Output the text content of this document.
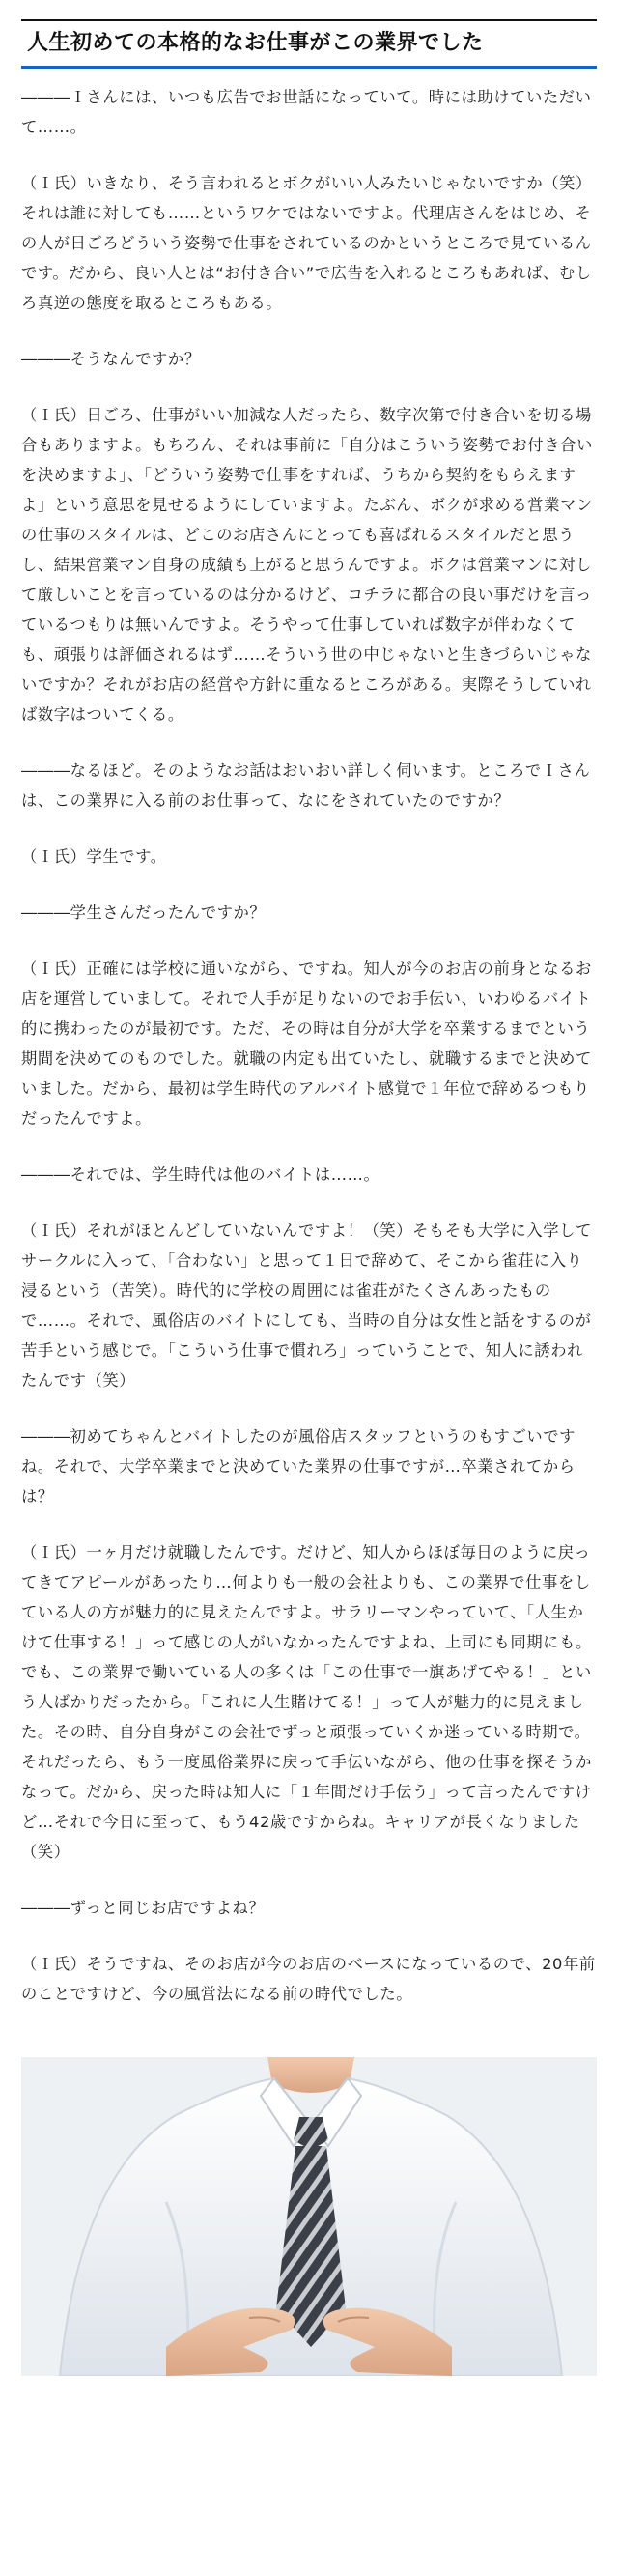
人生初めての本格的なお仕事がこの業界でした

―――Ｉさんには、いつも広告でお世話になっていて。時には助けていただいて……。

（Ｉ氏）いきなり、そう言われるとボクがいい人みたいじゃないですか（笑）それは誰に対しても……というワケではないですよ。代理店さんをはじめ、その人が日ごろどういう姿勢で仕事をされているのかというところで見ているんです。だから、良い人とは“お付き合い”で広告を入れるところもあれば、むしろ真逆の態度を取るところもある。

―――そうなんですか？

（Ｉ氏）日ごろ、仕事がいい加減な人だったら、数字次第で付き合いを切る場合もありますよ。もちろん、それは事前に「自分はこういう姿勢でお付き合いを決めますよ」、「どういう姿勢で仕事をすれば、うちから契約をもらえますよ」という意思を見せるようにしていますよ。たぶん、ボクが求める営業マンの仕事のスタイルは、どこのお店さんにとっても喜ばれるスタイルだと思うし、結果営業マン自身の成績も上がると思うんですよ。ボクは営業マンに対して厳しいことを言っているのは分かるけど、コチラに都合の良い事だけを言っているつもりは無いんですよ。そうやって仕事していれば数字が伴わなくても、頑張りは評価されるはず……そういう世の中じゃないと生きづらいじゃないですか？それがお店の経営や方針に重なるところがある。実際そうしていれば数字はついてくる。

―――なるほど。そのようなお話はおいおい詳しく伺います。ところでＩさんは、この業界に入る前のお仕事って、なにをされていたのですか？

（Ｉ氏）学生です。

―――学生さんだったんですか？

（Ｉ氏）正確には学校に通いながら、ですね。知人が今のお店の前身となるお店を運営していまして。それで人手が足りないのでお手伝い、いわゆるバイト的に携わったのが最初です。ただ、その時は自分が大学を卒業するまでという期間を決めてのものでした。就職の内定も出ていたし、就職するまでと決めていました。だから、最初は学生時代のアルバイト感覚で１年位で辞めるつもりだったんですよ。

―――それでは、学生時代は他のバイトは……。

（Ｉ氏）それがほとんどしていないんですよ！（笑）そもそも大学に入学してサークルに入って、「合わない」と思って１日で辞めて、そこから雀荘に入り浸るという（苦笑）。時代的に学校の周囲には雀荘がたくさんあったもので……。それで、風俗店のバイトにしても、当時の自分は女性と話をするのが苦手という感じで。「こういう仕事で慣れろ」っていうことで、知人に誘われたんです（笑）

―――初めてちゃんとバイトしたのが風俗店スタッフというのもすごいですね。それで、大学卒業までと決めていた業界の仕事ですが…卒業されてからは？

（Ｉ氏）一ヶ月だけ就職したんです。だけど、知人からほぼ毎日のように戻ってきてアピールがあったり…何よりも一般の会社よりも、この業界で仕事をしている人の方が魅力的に見えたんですよ。サラリーマンやっていて、「人生かけて仕事する！」って感じの人がいなかったんですよね、上司にも同期にも。でも、この業界で働いている人の多くは「この仕事で一旗あげてやる！」という人ばかりだったから。「これに人生賭けてる！」って人が魅力的に見えました。その時、自分自身がこの会社でずっと頑張っていくか迷っている時期で。それだったら、もう一度風俗業界に戻って手伝いながら、他の仕事を探そうかなって。だから、戻った時は知人に「１年間だけ手伝う」って言ったんですけど…それで今日に至って、もう42歳ですからね。キャリアが長くなりました（笑）

―――ずっと同じお店ですよね？

（Ｉ氏）そうですね、そのお店が今のお店のベースになっているので、20年前のことですけど、今の風営法になる前の時代でした。
